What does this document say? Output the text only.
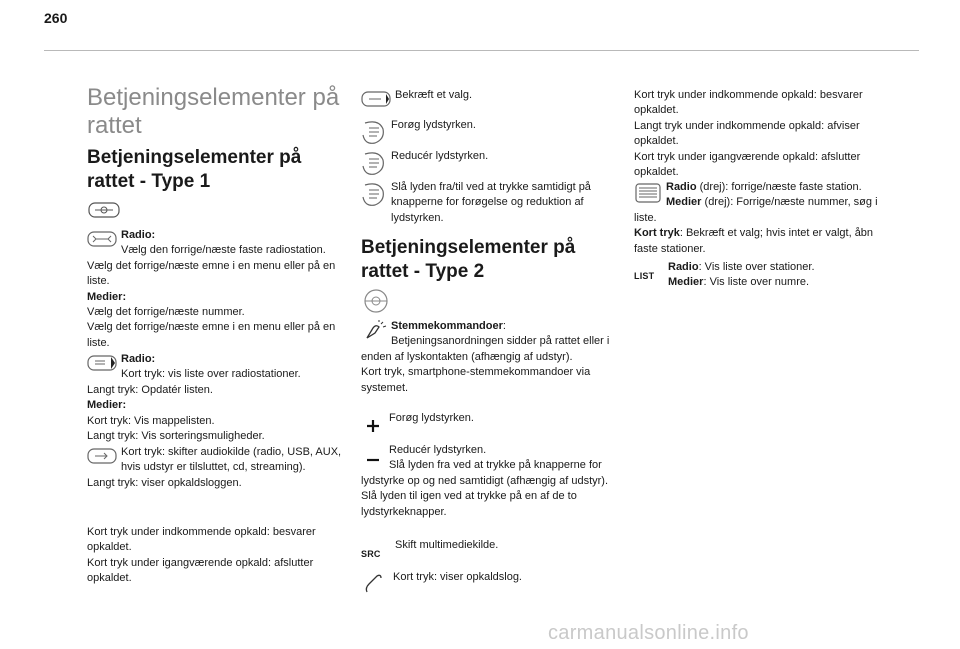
260
Betjeningselementer på rattet
Betjeningselementer på rattet - Type 1

Radio:

Vælg den forrige/næste faste radiostation.

Vælg det forrige/næste emne i en menu eller på en liste.

Medier:

Vælg det forrige/næste nummer.

Vælg det forrige/næste emne i en menu eller på en liste.

Radio:

Kort tryk: vis liste over radiostationer.

Langt tryk: Opdatér listen.

Medier:

Kort tryk: Vis mappelisten.

Langt tryk: Vis sorteringsmuligheder.

Kort tryk: skifter audiokilde (radio, USB, AUX, hvis udstyr er tilsluttet, cd, streaming).

Langt tryk: viser opkaldsloggen.

Kort tryk under indkommende opkald: besvarer opkaldet.

Kort tryk under igangværende opkald: afslutter opkaldet.

Bekræft et valg.

Forøg lydstyrken.

Reducér lydstyrken.

Slå lyden fra/til ved at trykke samtidigt på knapperne for forøgelse og reduktion af lydstyrken.

Betjeningselementer på rattet - Type 2

Stemmekommandoer:

Betjeningsanordningen sidder på rattet eller i enden af lyskontakten (afhængig af udstyr).

Kort tryk, smartphone-stemmekommandoer via systemet.

Forøg lydstyrken.

Reducér lydstyrken.

Slå lyden fra ved at trykke på knapperne for lydstyrke op og ned samtidigt (afhængig af udstyr).

Slå lyden til igen ved at trykke på en af de to lydstyrkeknapper.

SRC

Skift multimediekilde.

Kort tryk: viser opkaldslog.

Kort tryk under indkommende opkald: besvarer opkaldet.

Langt tryk under indkommende opkald: afviser opkaldet.

Kort tryk under igangværende opkald: afslutter opkaldet.

Radio (drej): forrige/næste faste station.

Medier (drej): Forrige/næste nummer, søg i liste.

Kort tryk: Bekræft et valg; hvis intet er valgt, åbn faste stationer.

LIST

Radio: Vis liste over stationer.

Medier: Vis liste over numre.

carmanualsonline.info
